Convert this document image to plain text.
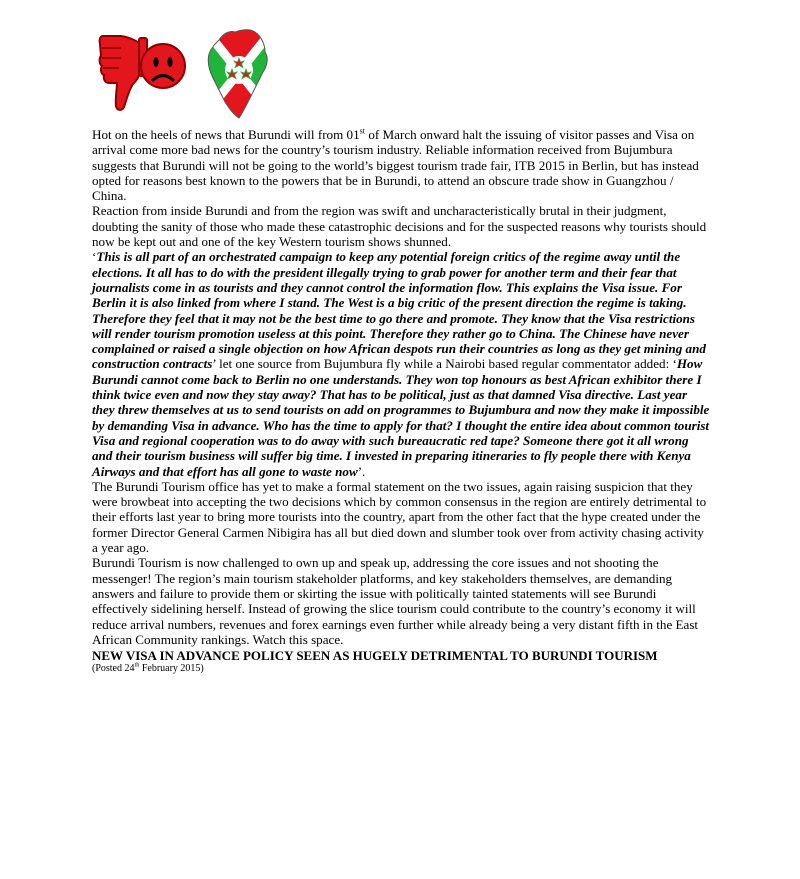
Hot on the heels of news that Burundi will from 01st of March onward halt the issuing of visitor passes and Visa on arrival come more bad news for the country’s tourism industry. Reliable information received from Bujumbura suggests that Burundi will not be going to the world’s biggest tourism trade fair, ITB 2015 in Berlin, but has instead opted for reasons best known to the powers that be in Burundi, to attend an obscure trade show in Guangzhou / China.

Reaction from inside Burundi and from the region was swift and uncharacteristically brutal in their judgment, doubting the sanity of those who made these catastrophic decisions and for the suspected reasons why tourists should now be kept out and one of the key Western tourism shows shunned.

‘This is all part of an orchestrated campaign to keep any potential foreign critics of the regime away until the elections. It all has to do with the president illegally trying to grab power for another term and their fear that journalists come in as tourists and they cannot control the information flow. This explains the Visa issue. For Berlin it is also linked from where I stand. The West is a big critic of the present direction the regime is taking. Therefore they feel that it may not be the best time to go there and promote. They know that the Visa restrictions will render tourism promotion useless at this point. Therefore they rather go to China. The Chinese have never complained or raised a single objection on how African despots run their countries as long as they get mining and construction contracts’ let one source from Bujumbura fly while a Nairobi based regular commentator added: ‘How Burundi cannot come back to Berlin no one understands. They won top honours as best African exhibitor there I think twice even and now they stay away? That has to be political, just as that damned Visa directive. Last year they threw themselves at us to send tourists on add on programmes to Bujumbura and now they make it impossible by demanding Visa in advance. Who has the time to apply for that? I thought the entire idea about common tourist Visa and regional cooperation was to do away with such bureaucratic red tape? Someone there got it all wrong and their tourism business will suffer big time. I invested in preparing itineraries to fly people there with Kenya Airways and that effort has all gone to waste now’.

The Burundi Tourism office has yet to make a formal statement on the two issues, again raising suspicion that they were browbeat into accepting the two decisions which by common consensus in the region are entirely detrimental to their efforts last year to bring more tourists into the country, apart from the other fact that the hype created under the former Director General Carmen Nibigira has all but died down and slumber took over from activity chasing activity a year ago.

Burundi Tourism is now challenged to own up and speak up, addressing the core issues and not shooting the messenger! The region’s main tourism stakeholder platforms, and key stakeholders themselves, are demanding answers and failure to provide them or skirting the issue with politically tainted statements will see Burundi effectively sidelining herself. Instead of growing the slice tourism could contribute to the country’s economy it will reduce arrival numbers, revenues and forex earnings even further while already being a very distant fifth in the East African Community rankings. Watch this space.

NEW VISA IN ADVANCE POLICY SEEN AS HUGELY DETRIMENTAL TO BURUNDI TOURISM
(Posted 24th February 2015)
